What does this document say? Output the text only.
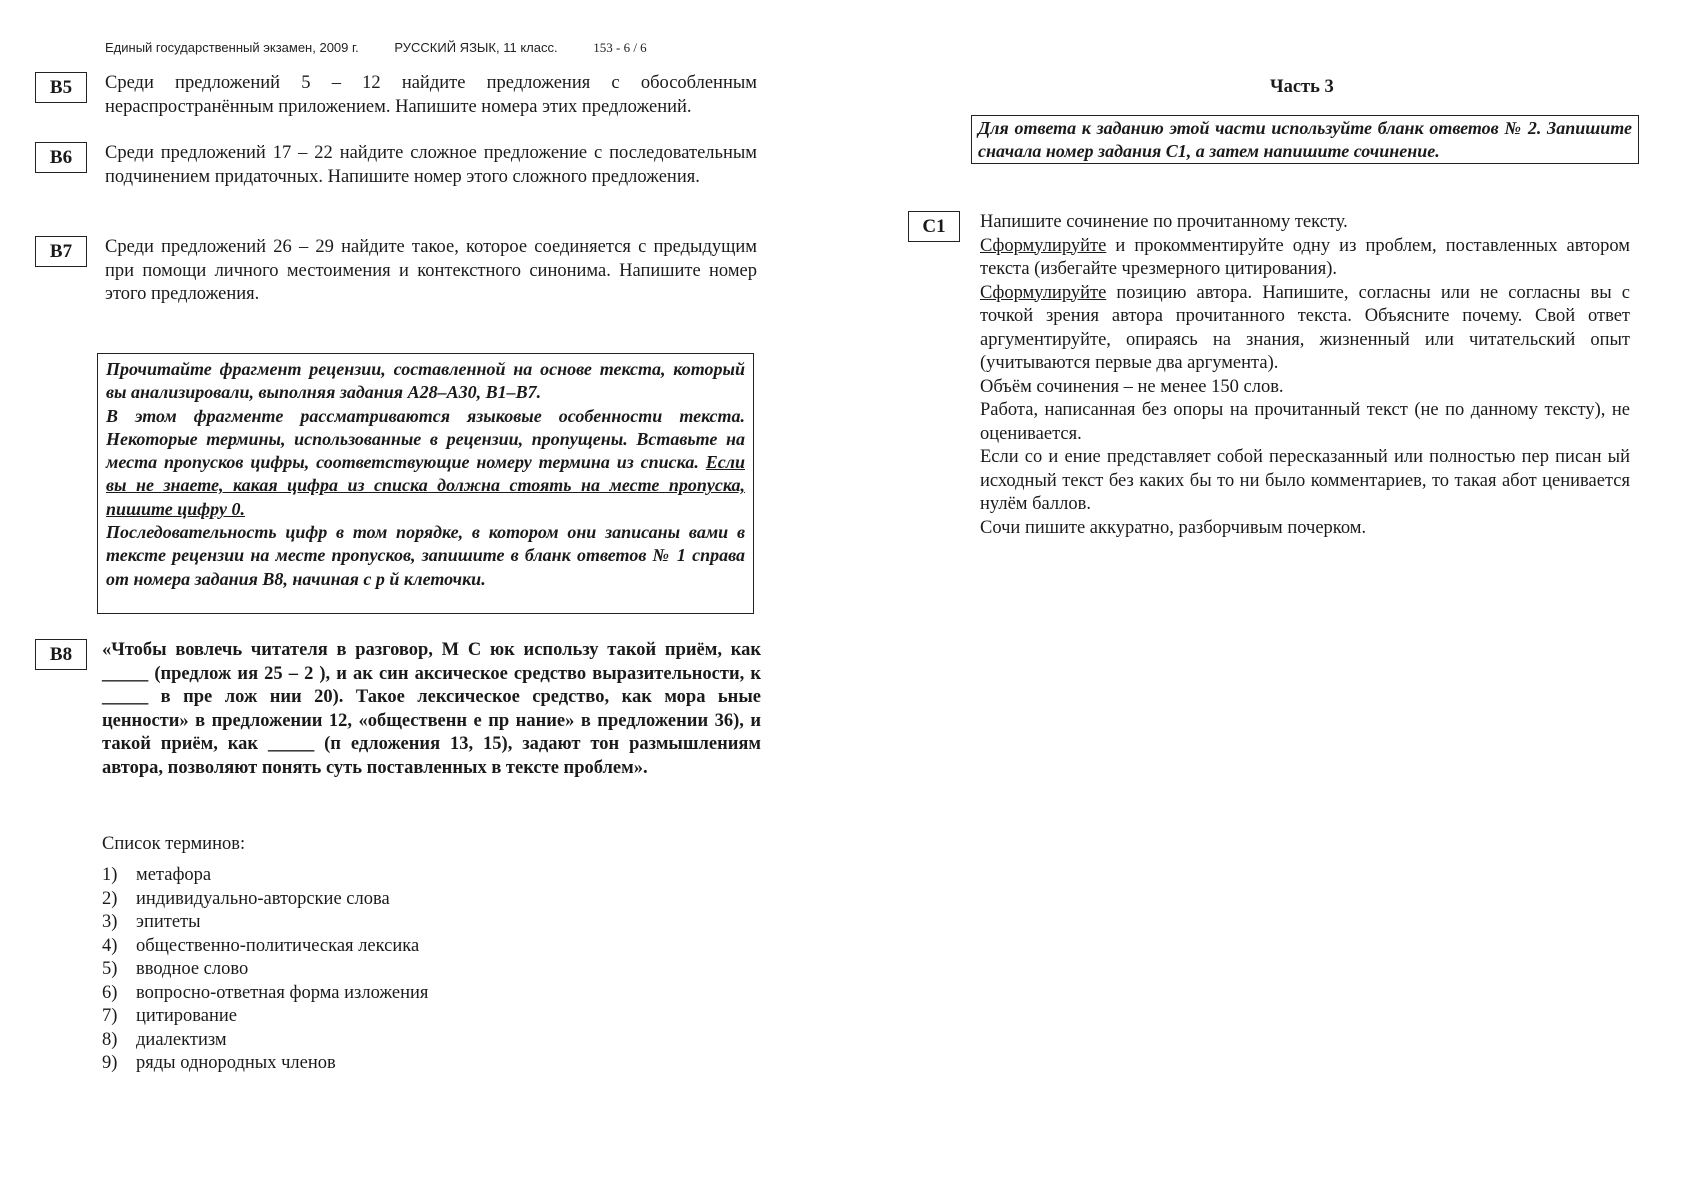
Единый государственный экзамен, 2009 г.	РУССКИЙ ЯЗЫК, 11 класс.	153 - 6 / 6
B5	Среди предложений 5 – 12 найдите предложения с обособленным нераспространённым приложением. Напишите номера этих предложений.
B6	Среди предложений 17 – 22 найдите сложное предложение с последовательным подчинением придаточных. Напишите номер этого сложного предложения.
B7	Среди предложений 26 – 29 найдите такое, которое соединяется с предыдущим при помощи личного местоимения и контекстного синонима. Напишите номер этого предложения.

Прочитайте фрагмент рецензии, составленной на основе текста, который вы анализировали, выполняя задания А28–А30, В1–В7.

В этом фрагменте рассматриваются языковые особенности текста. Некоторые термины, использованные в рецензии, пропущены. Вставьте на места пропусков цифры, соответствующие номеру термина из списка. Если вы не знаете, какая цифра из списка должна стоять на месте пропуска, пишите цифру 0.

Последовательность цифр в том порядке, в котором они записаны вами в тексте рецензии на месте пропусков, запишите в бланк ответов № 1 справа от номера задания В8, начиная с р й клеточки.

B8	«Чтобы вовлечь читателя в разговор, М С юк использу такой приём, как _____ (предлож ия 25 – 2 ), и ак син аксическое средство выразительности, к _____ в пре лож нии 20). Такое лексическое средство, как мора ьные ценности» в предложении 12, «общественн е пр нание» в предложении 36), и такой приём, как _____ (п едложения 13, 15), задают тон размышлениям автора, позволяют понять суть поставленных в тексте проблем».
Список терминов:
1)	метафора
2)	индивидуально-авторские слова
3)	эпитеты
4)	общественно-политическая лексика
5)	вводное слово
6)	вопросно-ответная форма изложения
7)	цитирование
8)	диалектизм
9)	ряды однородных членов
Часть 3

Для ответа к заданию этой части используйте бланк ответов № 2. Запишите сначала номер задания С1, а затем напишите сочинение.

C1	Напишите сочинение по прочитанному тексту.

Сформулируйте и прокомментируйте одну из проблем, поставленных автором текста (избегайте чрезмерного цитирования).

Сформулируйте позицию автора. Напишите, согласны или не согласны вы с точкой зрения автора прочитанного текста. Объясните почему. Свой ответ аргументируйте, опираясь на знания, жизненный или читательский опыт (учитываются первые два аргумента).

Объём сочинения – не менее 150 слов.

Работа, написанная без опоры на прочитанный текст (не по данному тексту), не оценивается.

Если со и ение представляет собой пересказанный или полностью пер писан ый исходный текст без каких бы то ни было комментариев, то такая абот ценивается нулём баллов.

Сочи пишите аккуратно, разборчивым почерком.
